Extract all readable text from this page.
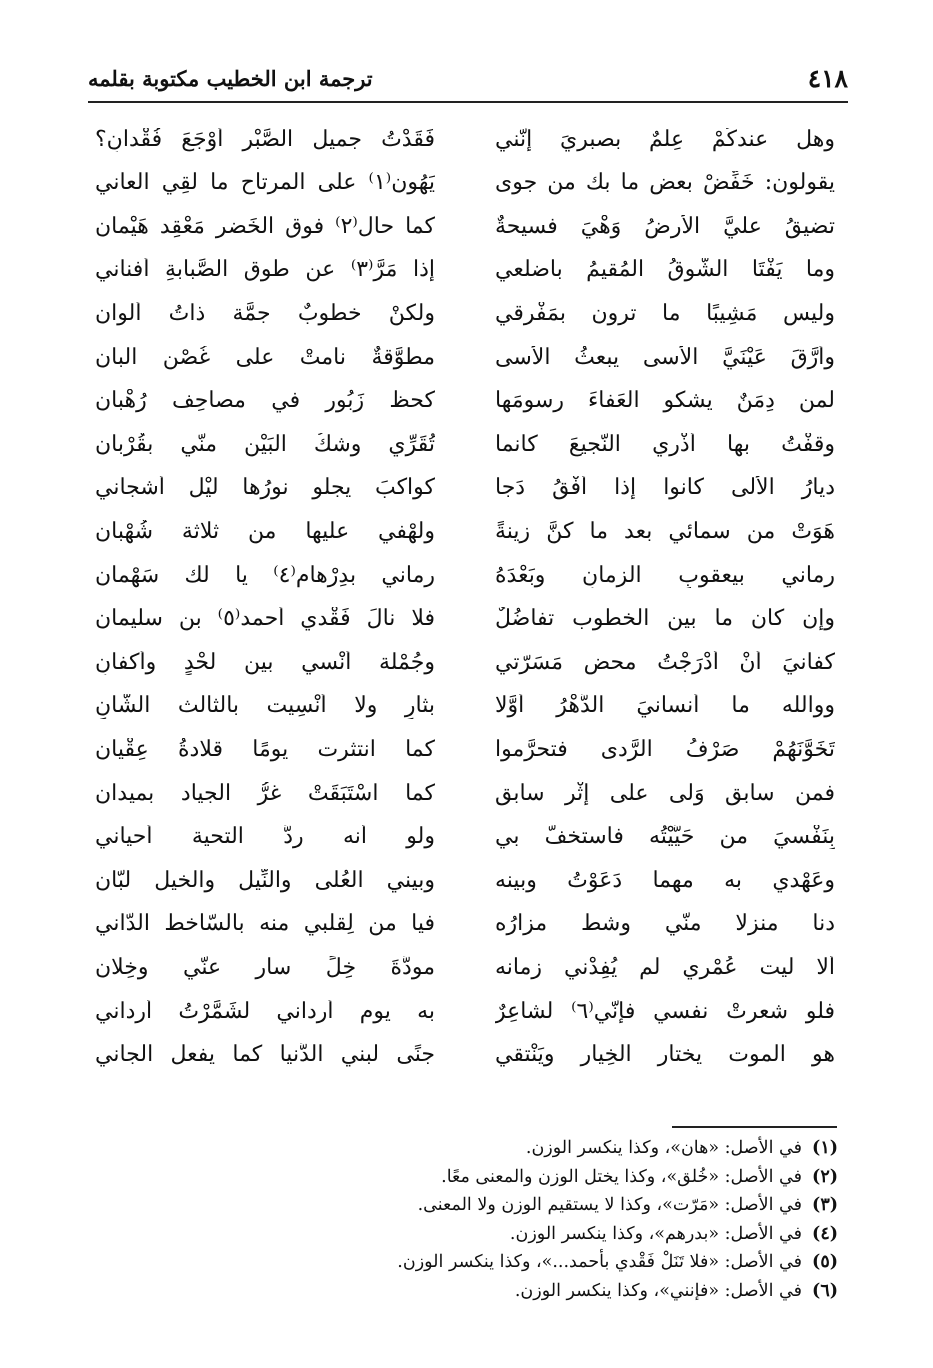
٤١٨
ترجمة ابن الخطيب مكتوبة بقلمه
وهل عندكُمْ عِلْمٌ بصبريَ إنّني
فَقَدْتُ جميل الصَّبْر أوْجَعَ فُقْدانِ؟
يقولون: خَفِّضْ بعض ما بك من جوى
يَهُون⁽١⁾ على المرتاح ما لَقِي العاني
تضيقُ عليَّ الأرضُ وَهْيَ فسيحةٌ
كما حال⁽٢⁾ فوق الخَضر مَعْقِد هَيْمان
وما يَفْتَأُ الشَّوقُ المُقيمُ بأضلعي
إذا مَرَّ⁽٣⁾ عن طوق الصَّبابةِ أفناني
وليس مَشِيبًا ما ترون بمَفْرقي
ولكنْ خطوبٌ جمَّة ذاتُ ألوان
وأرَّقَ عَيْنَيَّ الأسى يبعثُ الأسى
مطوَّقةٌ نامتْ على غُصْن البان
لمن دِمَنٌ يشكو العَفاءَ رسومَها
كحظِّ زَبُور في مصاحِف رُهْبان
وقفْتُ بها أذْرِي النَّجيعَ كأنما
تُقَرِّي وشكُ البَيْن منّي بقُرْبان
ديارُ الأُلى كانوا إذا أُفْقُ دَجا
كواكبَ يجلو نورُها لَيْل أشجاني
هَوَتْ من سمائي بعد ما كنَّ زينةً
ولَهْفي عليها من ثلاثة شُهْبان
رماني بيعقوبِ الزمانِ وبَعْدَهُ
رماني بدِرْهام⁽٤⁾ يا لك سَهْمان
وإن كان ما بين الخطوب تفاضُلٌ
فلا نالَ فَقْدي أحمد⁽٥⁾ بن سليمان
كفانيَ أنْ أدْرَجْتُ محض مَسَرّتي
وجُمْلة أُنْسي بين لَحْدٍ وأكفانِ
ووالله ما أنسانيَ الدَّهْرُ أوَّلًا
بثأرٍ ولا أُنْسِيت بالثالث الشّانِ
تَخَوَّنَهُمْ صَرْفُ الرَّدى فتحرَّموا
كما انتثرت يومًا قلادةُ عِقْيان
فمن سابقٍ وَلَّى على إثْر سابقٍ
كما اسْتَبَقَتْ غرُّ الجياد بميدان
بِنَفْسيَ من حَيَّيْتُه فاستخفَّ بي
ولو أنه ردُّ التحية أحياني
وعَهْدي به مهما دَعَوْتُ وبينه
وبيني العُلى والنِّيل والخيل لُبّان
دنا منزلًا منّي وشطَّ مزارُه
فيا من لِقلبي منه بالسّاخط الدّاني
ألا ليت عُمْري لم يُفِدْني زمانه
مودَّةَ خِلٍّ سار عنّي وخِلّان
فلو شعرتْ نفسي فإنّي⁽٦⁾ لشاعِرٌ
به يوم أرداني لشَمَّرْتُ أرداني
هو الموت يختار الخِيار ويَنْتقي
جنًى لبني الدُّنيا كما يفعل الجاني
(١)في الأصل: «هان»، وكذا ينكسر الوزن.
(٢)في الأصل: «خُلق»، وكذا يختل الوزن والمعنى معًا.
(٣)في الأصل: «مَرّت»، وكذا لا يستقيم الوزن ولا المعنى.
(٤)في الأصل: «بدرهم»، وكذا ينكسر الوزن.
(٥)في الأصل: «فلا تَنَلْ فَقْدي بأحمد...»، وكذا ينكسر الوزن.
(٦)في الأصل: «فإنني»، وكذا ينكسر الوزن.
